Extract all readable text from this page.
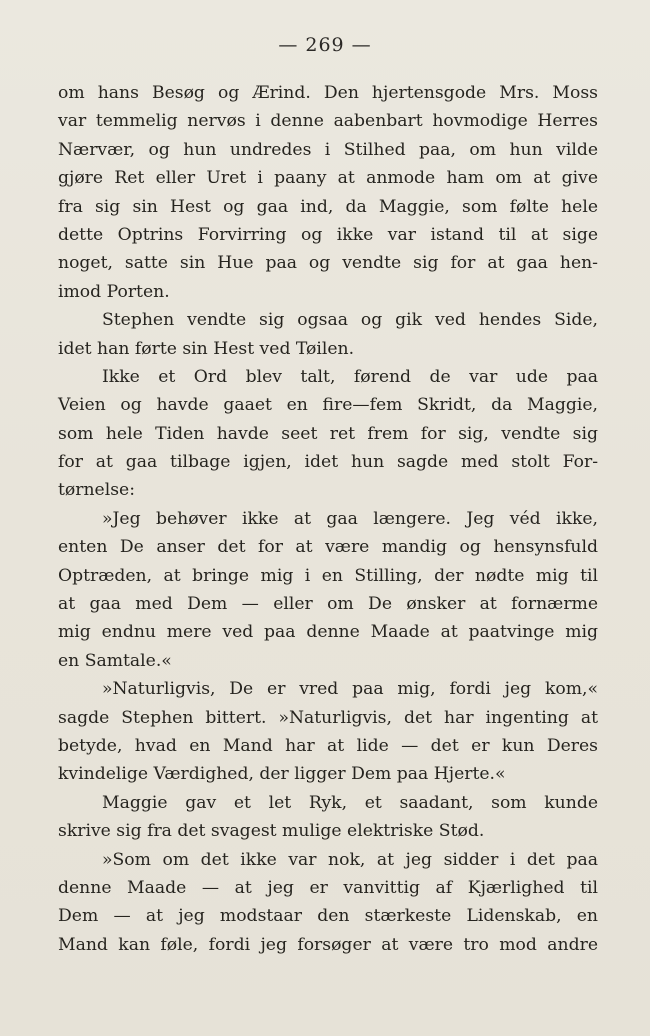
— 269 —
om hans Besøg og Ærind. Den hjertensgode Mrs. Moss
var temmelig nervøs i denne aabenbart hovmodige Herres
Nærvær, og hun undredes i Stilhed paa, om hun vilde
gjøre Ret eller Uret i paany at anmode ham om at give
fra sig sin Hest og gaa ind, da Maggie, som følte hele
dette Optrins Forvirring og ikke var istand til at sige
noget, satte sin Hue paa og vendte sig for at gaa hen-
imod Porten.
Stephen vendte sig ogsaa og gik ved hendes Side,
idet han førte sin Hest ved Tøilen.
Ikke et Ord blev talt, førend de var ude paa
Veien og havde gaaet en fire—fem Skridt, da Maggie,
som hele Tiden havde seet ret frem for sig, vendte sig
for at gaa tilbage igjen, idet hun sagde med stolt For-
tørnelse:
»Jeg behøver ikke at gaa længere. Jeg véd ikke,
enten De anser det for at være mandig og hensynsfuld
Optræden, at bringe mig i en Stilling, der nødte mig til
at gaa med Dem — eller om De ønsker at fornærme
mig endnu mere ved paa denne Maade at paatvinge mig
en Samtale.«
»Naturligvis, De er vred paa mig, fordi jeg kom,«
sagde Stephen bittert. »Naturligvis, det har ingenting at
betyde, hvad en Mand har at lide — det er kun Deres
kvindelige Værdighed, der ligger Dem paa Hjerte.«
Maggie gav et let Ryk, et saadant, som kunde
skrive sig fra det svagest mulige elektriske Stød.
»Som om det ikke var nok, at jeg sidder i det paa
denne Maade — at jeg er vanvittig af Kjærlighed til
Dem — at jeg modstaar den stærkeste Lidenskab, en
Mand kan føle, fordi jeg forsøger at være tro mod andre
